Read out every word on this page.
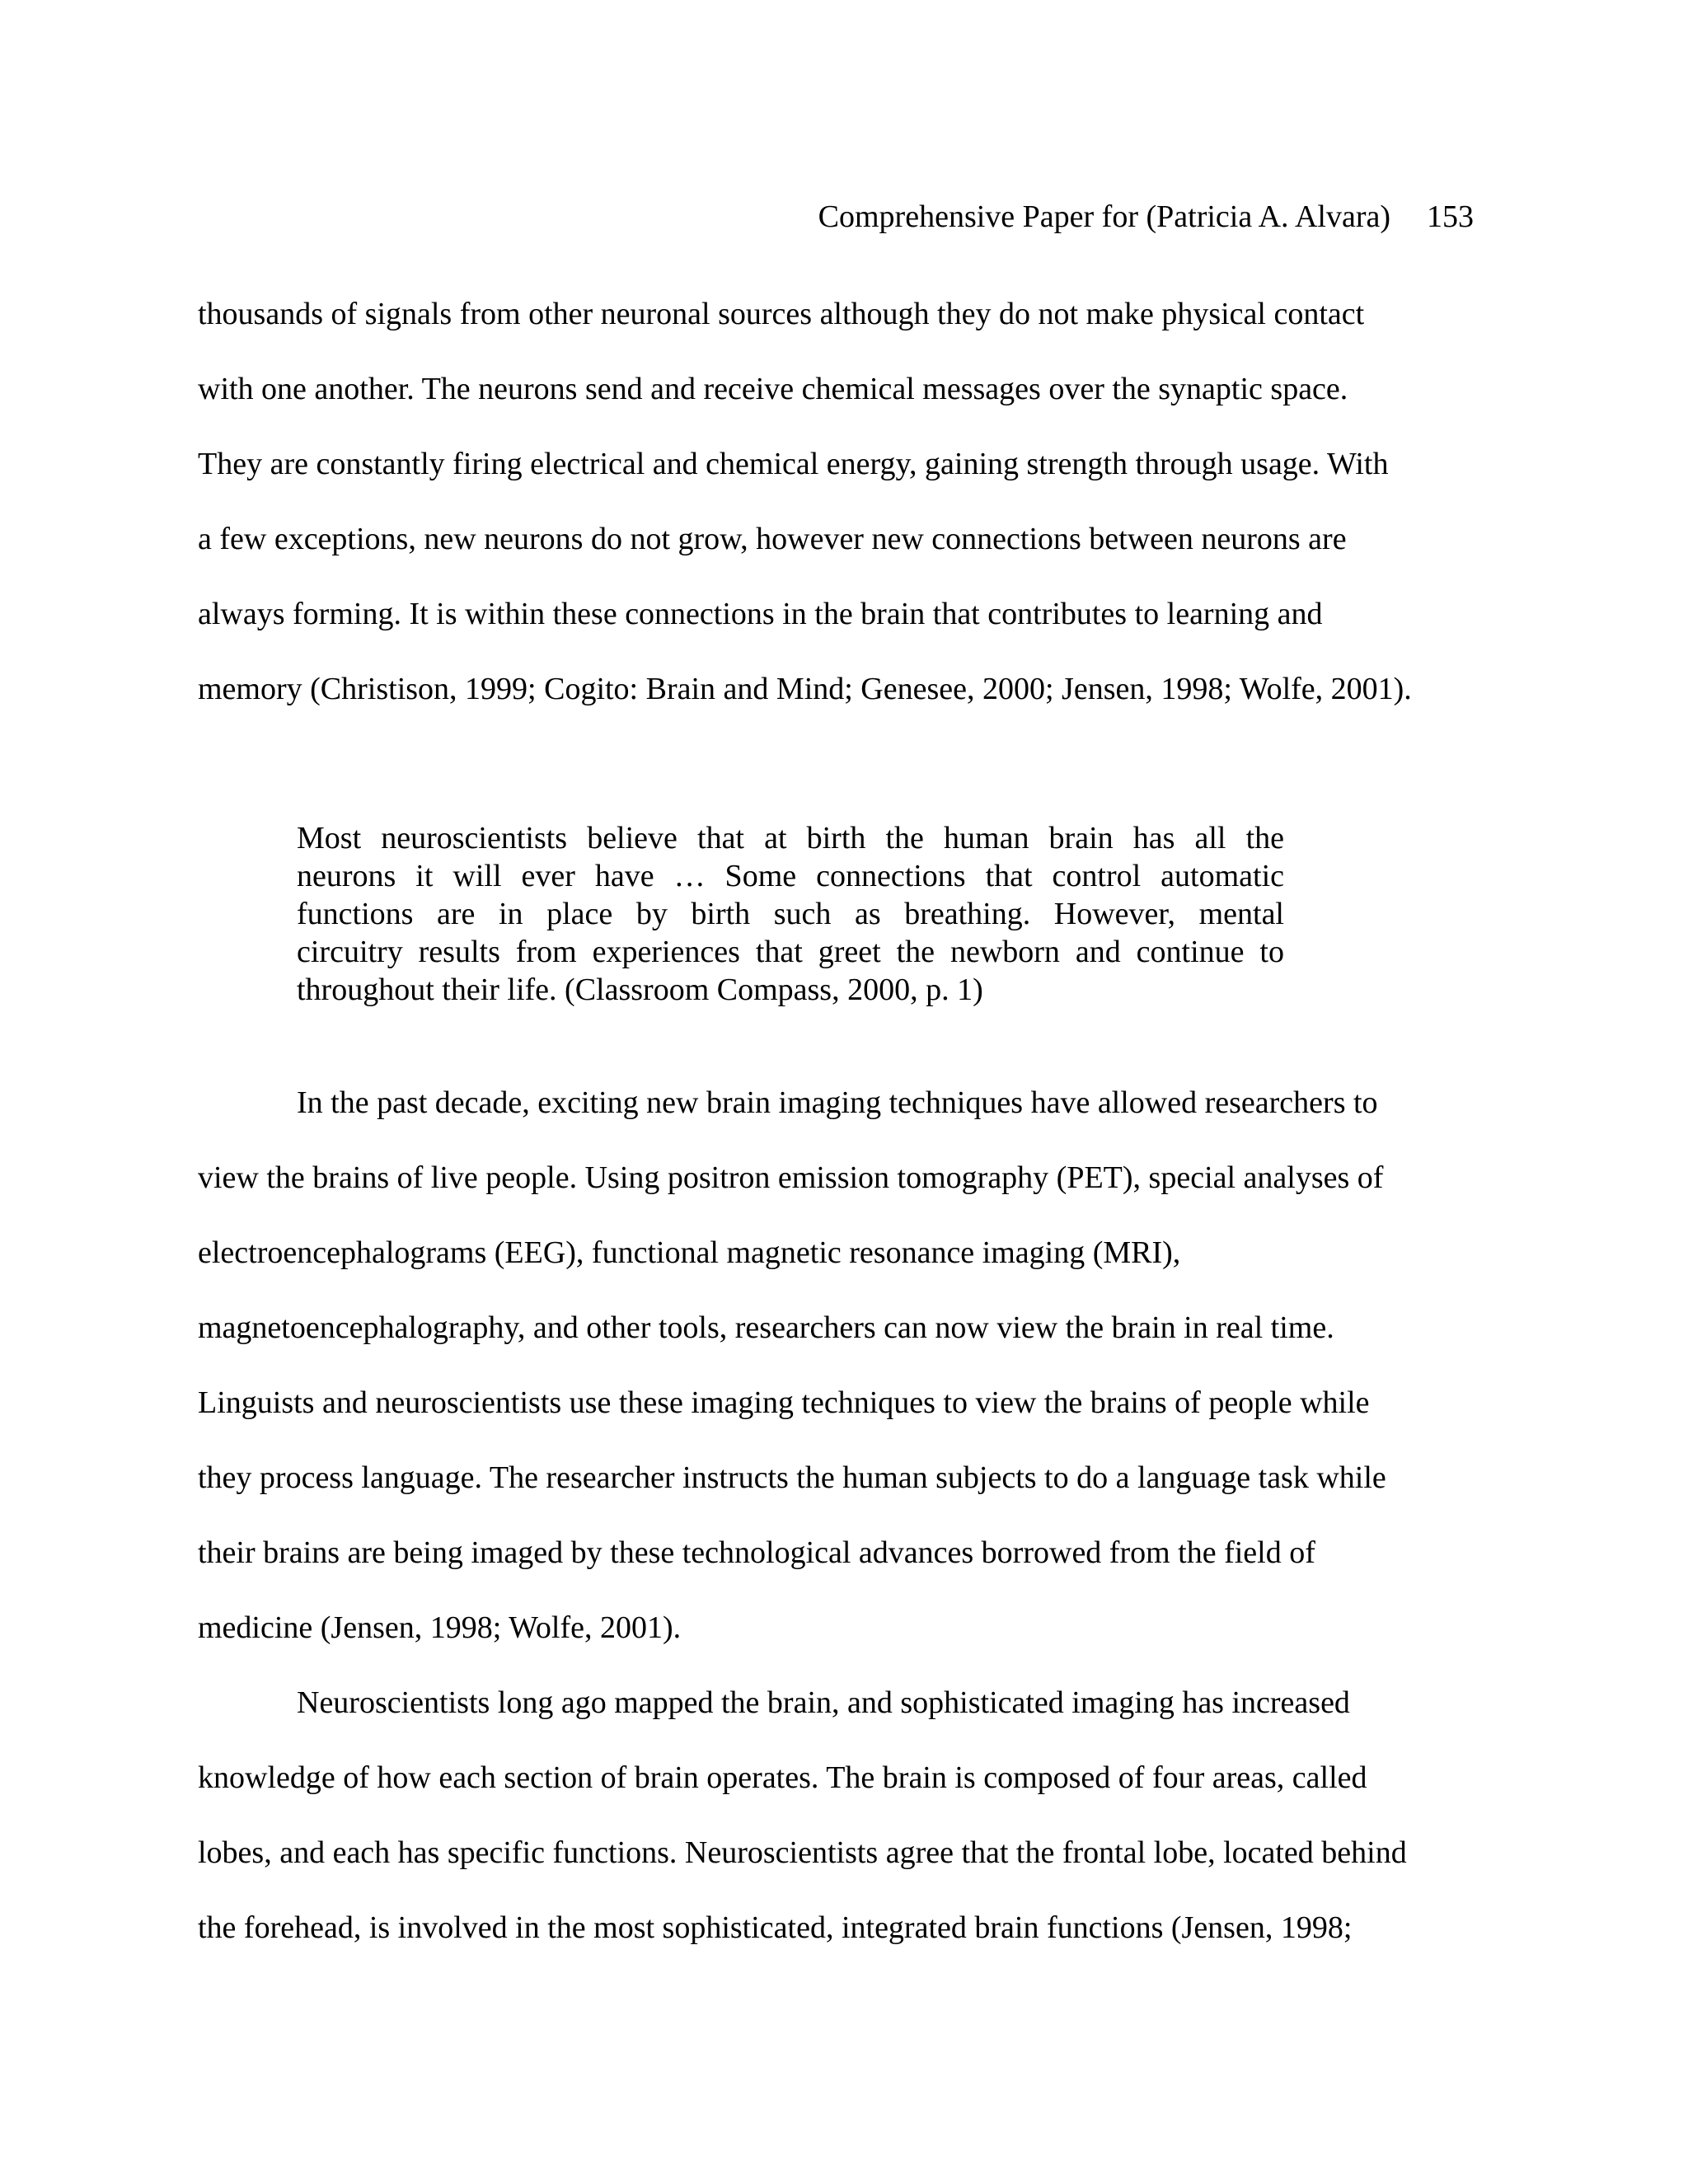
Comprehensive Paper for (Patricia A. Alvara) 153
thousands of signals from other neuronal sources although they do not make physical contact
with one another. The neurons send and receive chemical messages over the synaptic space.
They are constantly firing electrical and chemical energy, gaining strength through usage. With
a few exceptions, new neurons do not grow, however new connections between neurons are
always forming. It is within these connections in the brain that contributes to learning and
memory (Christison, 1999; Cogito: Brain and Mind; Genesee, 2000; Jensen, 1998; Wolfe, 2001).
Most neuroscientists believe that at birth the human brain has all the
neurons it will ever have … Some connections that control automatic
functions are in place by birth such as breathing. However, mental
circuitry results from experiences that greet the newborn and continue to
throughout their life. (Classroom Compass, 2000, p. 1)
In the past decade, exciting new brain imaging techniques have allowed researchers to
view the brains of live people. Using positron emission tomography (PET), special analyses of
electroencephalograms (EEG), functional magnetic resonance imaging (MRI),
magnetoencephalography, and other tools, researchers can now view the brain in real time.
Linguists and neuroscientists use these imaging techniques to view the brains of people while
they process language. The researcher instructs the human subjects to do a language task while
their brains are being imaged by these technological advances borrowed from the field of
medicine (Jensen, 1998; Wolfe, 2001).
Neuroscientists long ago mapped the brain, and sophisticated imaging has increased
knowledge of how each section of brain operates. The brain is composed of four areas, called
lobes, and each has specific functions. Neuroscientists agree that the frontal lobe, located behind
the forehead, is involved in the most sophisticated, integrated brain functions (Jensen, 1998;
